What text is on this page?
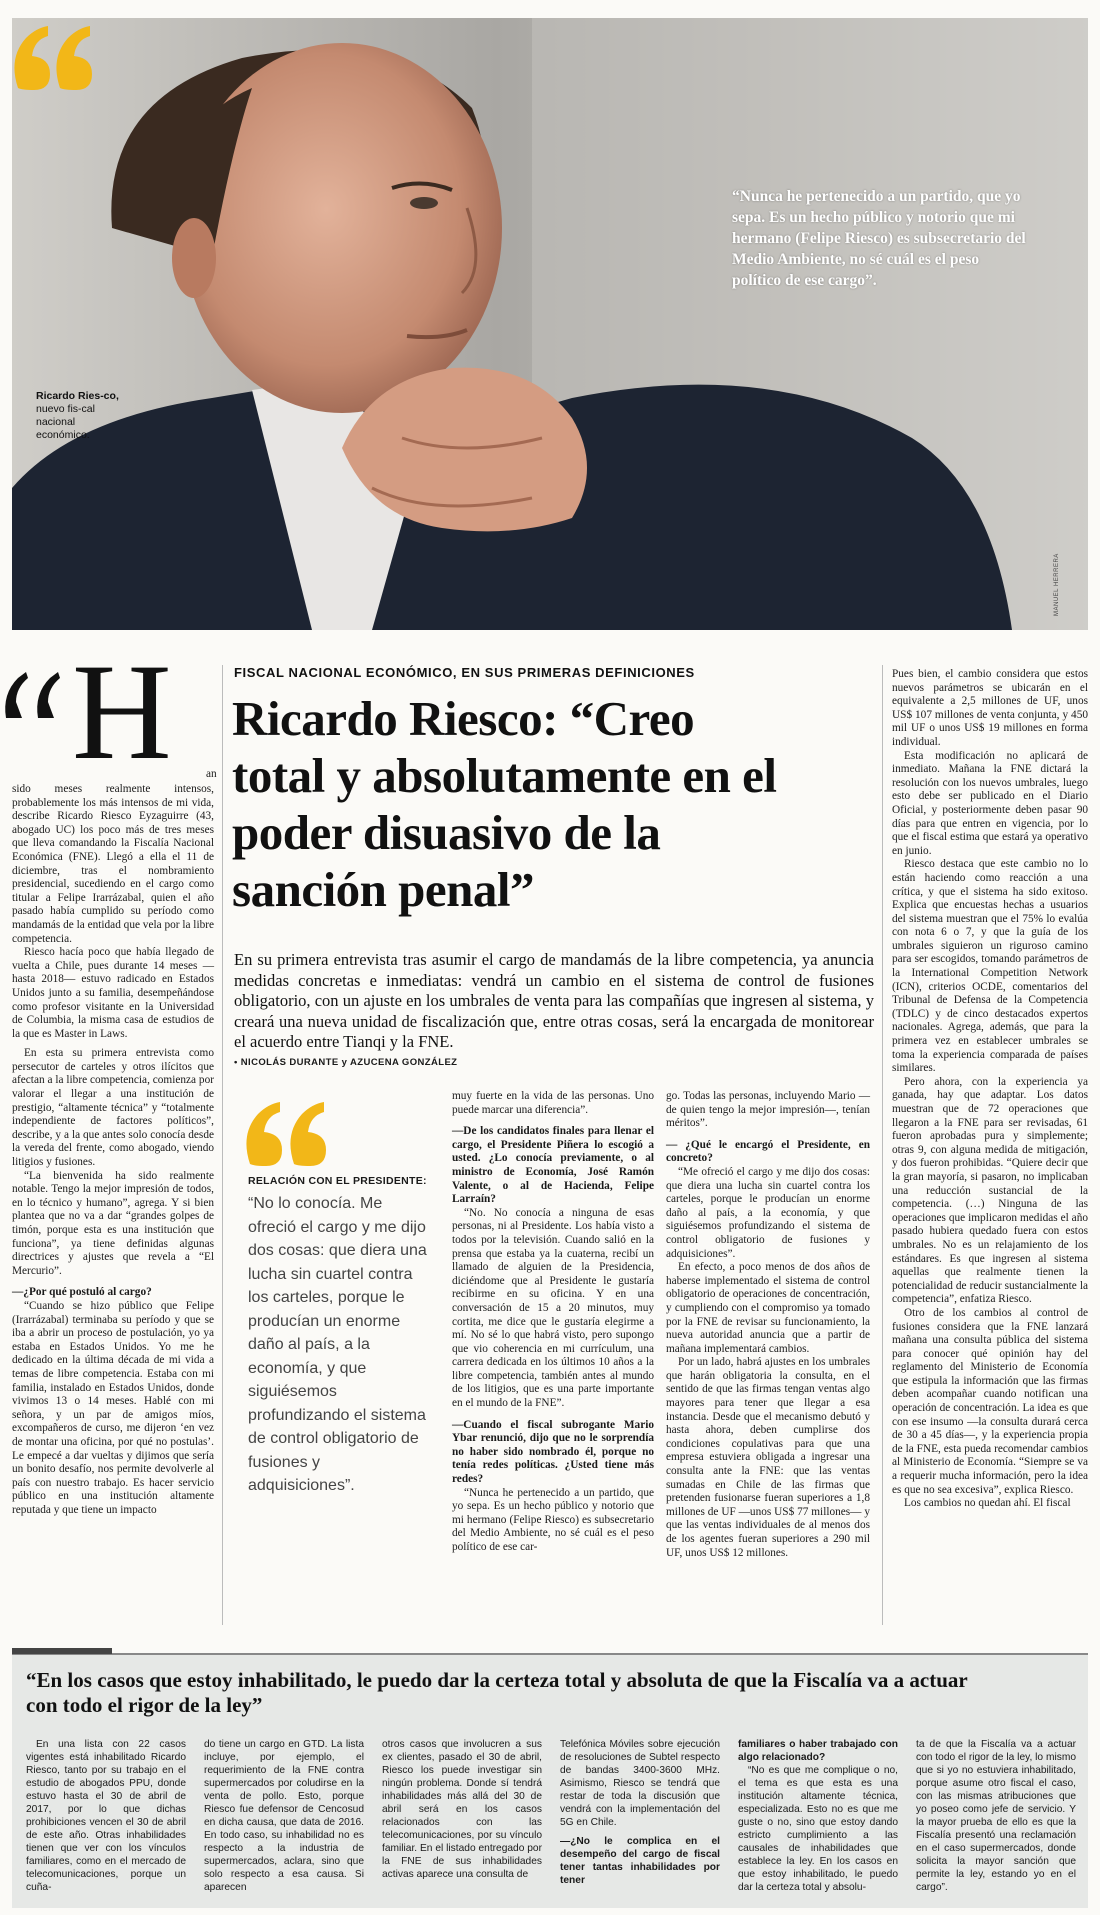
Ricardo Ries-co, nuevo fis-cal nacional económico.
“Nunca he pertenecido a un partido, que yo sepa. Es un hecho público y notorio que mi hermano (Felipe Riesco) es subsecretario del Medio Ambiente, no sé cuál es el peso político de ese cargo”.
MANUEL HERRERA
FISCAL NACIONAL ECONÓMICO, EN SUS PRIMERAS DEFINICIONES
Ricardo Riesco: “Creo total y absolutamente en el poder disuasivo de la sanción penal”
En su primera entrevista tras asumir el cargo de mandamás de la libre competencia, ya anuncia medidas concretas e inmediatas: vendrá un cambio en el sistema de control de fusiones obligatorio, con un ajuste en los umbrales de venta para las compañías que ingresen al sistema, y creará una nueva unidad de fiscalización que, entre otras cosas, será la encargada de monitorear el acuerdo entre Tianqi y la FNE.
• NICOLÁS DURANTE y AZUCENA GONZÁLEZ
H	an

sido meses realmente intensos, probablemente los más intensos de mi vida, describe Ricardo Riesco Eyzaguirre (43, abogado UC) los poco más de tres meses que lleva comandando la Fiscalía Nacional Económica (FNE). Llegó a ella el 11 de diciembre, tras el nombramiento presidencial, sucediendo en el cargo como titular a Felipe Irarrázabal, quien el año pasado había cumplido su período como mandamás de la entidad que vela por la libre competencia.

Riesco hacía poco que había llegado de vuelta a Chile, pues durante 14 meses —hasta 2018— estuvo radicado en Estados Unidos junto a su familia, desempeñándose como profesor visitante en la Universidad de Columbia, la misma casa de estudios de la que es Master in Laws.

En esta su primera entrevista como persecutor de carteles y otros ilícitos que afectan a la libre competencia, comienza por valorar el llegar a una institución de prestigio, “altamente técnica” y “totalmente independiente de factores políticos”, describe, y a la que antes solo conocía desde la vereda del frente, como abogado, viendo litigios y fusiones.

“La bienvenida ha sido realmente notable. Tengo la mejor impresión de todos, en lo técnico y humano”, agrega. Y si bien plantea que no va a dar “grandes golpes de timón, porque esta es una institución que funciona”, ya tiene definidas algunas directrices y ajustes que revela a “El Mercurio”.

—¿Por qué postuló al cargo?

“Cuando se hizo público que Felipe (Irarrázabal) terminaba su período y que se iba a abrir un proceso de postulación, yo ya estaba en Estados Unidos. Yo me he dedicado en la última década de mi vida a temas de libre competencia. Estaba con mi familia, instalado en Estados Unidos, donde vivimos 13 o 14 meses. Hablé con mi señora, y un par de amigos míos, excompañeros de curso, me dijeron ‘en vez de montar una oficina, por qué no postulas’. Le empecé a dar vueltas y dijimos que sería un bonito desafío, nos permite devolverle al país con nuestro trabajo. Es hacer servicio público en una institución altamente reputada y que tiene un impacto

RELACIÓN CON EL PRESIDENTE:
“No lo conocía. Me ofreció el cargo y me dijo dos cosas: que diera una lucha sin cuartel contra los carteles, porque le producían un enorme daño al país, a la economía, y que siguiésemos profundizando el sistema de control obligatorio de fusiones y adquisiciones”.

muy fuerte en la vida de las personas. Uno puede marcar una diferencia”.

—De los candidatos finales para llenar el cargo, el Presidente Piñera lo escogió a usted. ¿Lo conocía previamente, o al ministro de Economía, José Ramón Valente, o al de Hacienda, Felipe Larraín?

“No. No conocía a ninguna de esas personas, ni al Presidente. Los había visto a todos por la televisión. Cuando salió en la prensa que estaba ya la cuaterna, recibí un llamado de alguien de la Presidencia, diciéndome que al Presidente le gustaría recibirme en su oficina. Y en una conversación de 15 a 20 minutos, muy cortita, me dice que le gustaría elegirme a mí. No sé lo que habrá visto, pero supongo que vio coherencia en mi currículum, una carrera dedicada en los últimos 10 años a la libre competencia, también antes al mundo de los litigios, que es una parte importante en el mundo de la FNE”.

—Cuando el fiscal subrogante Mario Ybar renunció, dijo que no le sorprendía no haber sido nombrado él, porque no tenía redes políticas. ¿Usted tiene más redes?

“Nunca he pertenecido a un partido, que yo sepa. Es un hecho público y notorio que mi hermano (Felipe Riesco) es subsecretario del Medio Ambiente, no sé cuál es el peso político de ese car-

go. Todas las personas, incluyendo Mario —de quien tengo la mejor impresión—, tenían méritos”.

— ¿Qué le encargó el Presidente, en concreto?

“Me ofreció el cargo y me dijo dos cosas: que diera una lucha sin cuartel contra los carteles, porque le producían un enorme daño al país, a la economía, y que siguiésemos profundizando el sistema de control obligatorio de fusiones y adquisiciones”.

En efecto, a poco menos de dos años de haberse implementado el sistema de control obligatorio de operaciones de concentración, y cumpliendo con el compromiso ya tomado por la FNE de revisar su funcionamiento, la nueva autoridad anuncia que a partir de mañana implementará cambios.

Por un lado, habrá ajustes en los umbrales que harán obligatoria la consulta, en el sentido de que las firmas tengan ventas algo mayores para tener que llegar a esa instancia. Desde que el mecanismo debutó y hasta ahora, deben cumplirse dos condiciones copulativas para que una empresa estuviera obligada a ingresar una consulta ante la FNE: que las ventas sumadas en Chile de las firmas que pretenden fusionarse fueran superiores a 1,8 millones de UF —unos US$ 77 millones— y que las ventas individuales de al menos dos de los agentes fueran superiores a 290 mil UF, unos US$ 12 millones.

Pues bien, el cambio considera que estos nuevos parámetros se ubicarán en el equivalente a 2,5 millones de UF, unos US$ 107 millones de venta conjunta, y 450 mil UF o unos US$ 19 millones en forma individual.

Esta modificación no aplicará de inmediato. Mañana la FNE dictará la resolución con los nuevos umbrales, luego esto debe ser publicado en el Diario Oficial, y posteriormente deben pasar 90 días para que entren en vigencia, por lo que el fiscal estima que estará ya operativo en junio.

Riesco destaca que este cambio no lo están haciendo como reacción a una crítica, y que el sistema ha sido exitoso. Explica que encuestas hechas a usuarios del sistema muestran que el 75% lo evalúa con nota 6 o 7, y que la guía de los umbrales siguieron un riguroso camino para ser escogidos, tomando parámetros de la International Competition Network (ICN), criterios OCDE, comentarios del Tribunal de Defensa de la Competencia (TDLC) y de cinco destacados expertos nacionales. Agrega, además, que para la primera vez en establecer umbrales se toma la experiencia comparada de países similares.

Pero ahora, con la experiencia ya ganada, hay que adaptar. Los datos muestran que de 72 operaciones que llegaron a la FNE para ser revisadas, 61 fueron aprobadas pura y simplemente; otras 9, con alguna medida de mitigación, y dos fueron prohibidas. “Quiere decir que la gran mayoría, si pasaron, no implicaban una reducción sustancial de la competencia. (…) Ninguna de las operaciones que implicaron medidas el año pasado hubiera quedado fuera con estos umbrales. No es un relajamiento de los estándares. Es que ingresen al sistema aquellas que realmente tienen la potencialidad de reducir sustancialmente la competencia”, enfatiza Riesco.

Otro de los cambios al control de fusiones considera que la FNE lanzará mañana una consulta pública del sistema para conocer qué opinión hay del reglamento del Ministerio de Economía que estipula la información que las firmas deben acompañar cuando notifican una operación de concentración. La idea es que con ese insumo —la consulta durará cerca de 30 a 45 días—, y la experiencia propia de la FNE, esta pueda recomendar cambios al Ministerio de Economía. “Siempre se va a requerir mucha información, pero la idea es que no sea excesiva”, explica Riesco.

Los cambios no quedan ahí. El fiscal

“En los casos que estoy inhabilitado, le puedo dar la certeza total y absoluta de que la Fiscalía va a actuar con todo el rigor de la ley”

En una lista con 22 casos vigentes está inhabilitado Ricardo Riesco, tanto por su trabajo en el estudio de abogados PPU, donde estuvo hasta el 30 de abril de 2017, por lo que dichas prohibiciones vencen el 30 de abril de este año. Otras inhabilidades tienen que ver con los vínculos familiares, como en el mercado de telecomunicaciones, porque un cuña-

do tiene un cargo en GTD. La lista incluye, por ejemplo, el requerimiento de la FNE contra supermercados por coludirse en la venta de pollo. Esto, porque Riesco fue defensor de Cencosud en dicha causa, que data de 2016. En todo caso, su inhabilidad no es respecto a la industria de supermercados, aclara, sino que solo respecto a esa causa. Si aparecen

otros casos que involucren a sus ex clientes, pasado el 30 de abril, Riesco los puede investigar sin ningún problema. Donde sí tendrá inhabilidades más allá del 30 de abril será en los casos relacionados con las telecomunicaciones, por su vínculo familiar. En el listado entregado por la FNE de sus inhabilidades activas aparece una consulta de

Telefónica Móviles sobre ejecución de resoluciones de Subtel respecto de bandas 3400-3600 MHz. Asimismo, Riesco se tendrá que restar de toda la discusión que vendrá con la implementación del 5G en Chile.

—¿No le complica en el desempeño del cargo de fiscal tener tantas inhabilidades por tener

familiares o haber trabajado con algo relacionado?

“No es que me complique o no, el tema es que esta es una institución altamente técnica, especializada. Esto no es que me guste o no, sino que estoy dando estricto cumplimiento a las causales de inhabilidades que establece la ley. En los casos en que estoy inhabilitado, le puedo dar la certeza total y absolu-

ta de que la Fiscalía va a actuar con todo el rigor de la ley, lo mismo que si yo no estuviera inhabilitado, porque asume otro fiscal el caso, con las mismas atribuciones que yo poseo como jefe de servicio. Y la mayor prueba de ello es que la Fiscalía presentó una reclamación en el caso supermercados, donde solicita la mayor sanción que permite la ley, estando yo en el cargo”.
